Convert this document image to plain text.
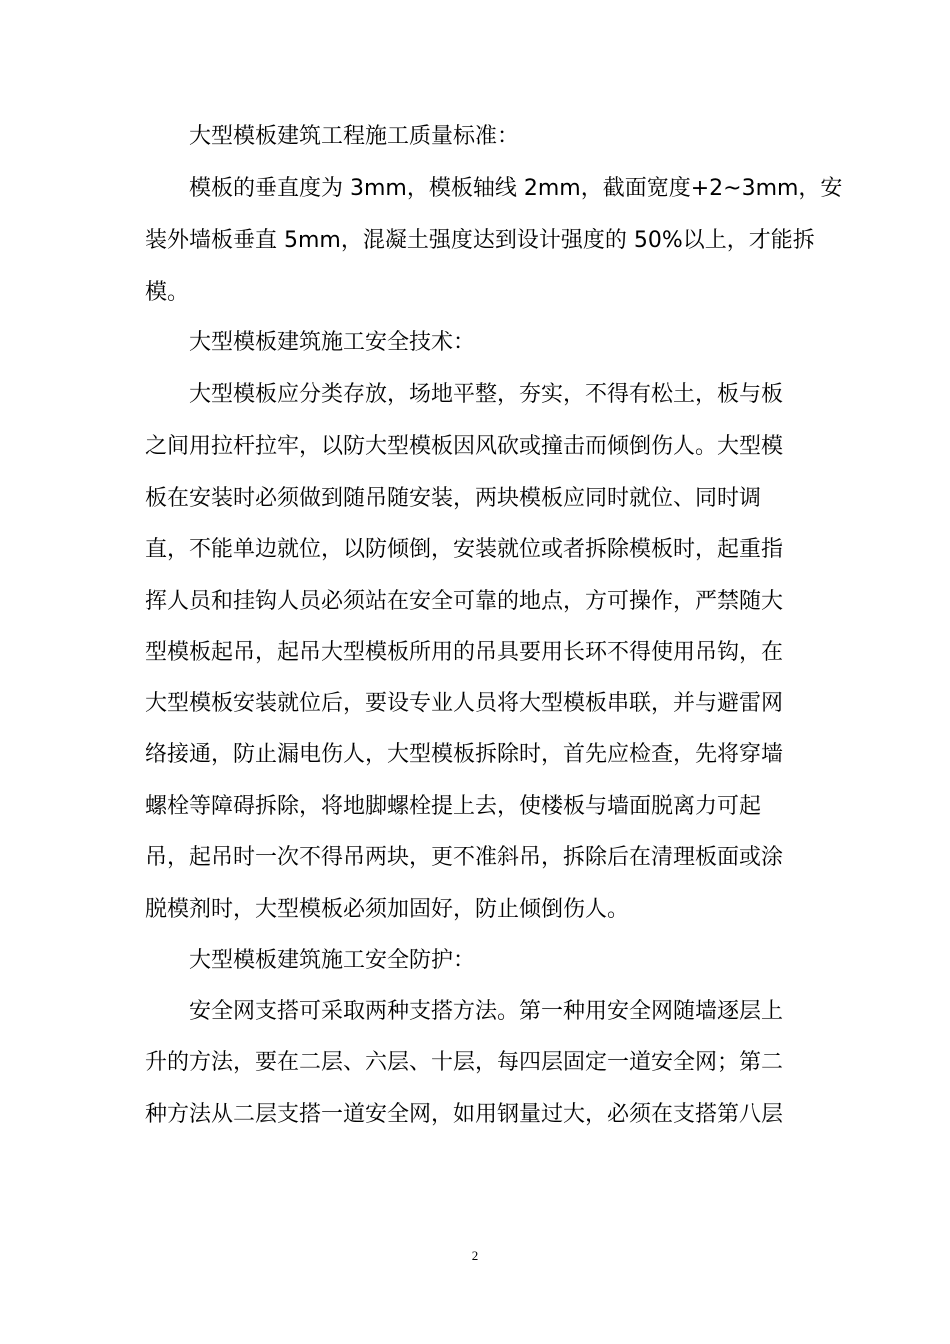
　　大型模板建筑工程施工质量标准：
　　模板的垂直度为 3mm，模板轴线 2mm，截面宽度+2~3mm，安
装外墙板垂直 5mm，混凝土强度达到设计强度的 50%以上，才能拆
模。
　　大型模板建筑施工安全技术：
　　大型模板应分类存放，场地平整，夯实，不得有松土，板与板
之间用拉杆拉牢，以防大型模板因风砍或撞击而倾倒伤人。大型模
板在安装时必须做到随吊随安装，两块模板应同时就位、同时调
直，不能单边就位，以防倾倒，安装就位或者拆除模板时，起重指
挥人员和挂钩人员必须站在安全可靠的地点，方可操作，严禁随大
型模板起吊，起吊大型模板所用的吊具要用长环不得使用吊钩，在
大型模板安装就位后，要设专业人员将大型模板串联，并与避雷网
络接通，防止漏电伤人，大型模板拆除时，首先应检查，先将穿墙
螺栓等障碍拆除，将地脚螺栓提上去，使楼板与墙面脱离力可起
吊，起吊时一次不得吊两块，更不准斜吊，拆除后在清理板面或涂
脱模剂时，大型模板必须加固好，防止倾倒伤人。
　　大型模板建筑施工安全防护：
　　安全网支搭可采取两种支搭方法。第一种用安全网随墙逐层上
升的方法，要在二层、六层、十层，每四层固定一道安全网；第二
种方法从二层支搭一道安全网，如用钢量过大，必须在支搭第八层
2
